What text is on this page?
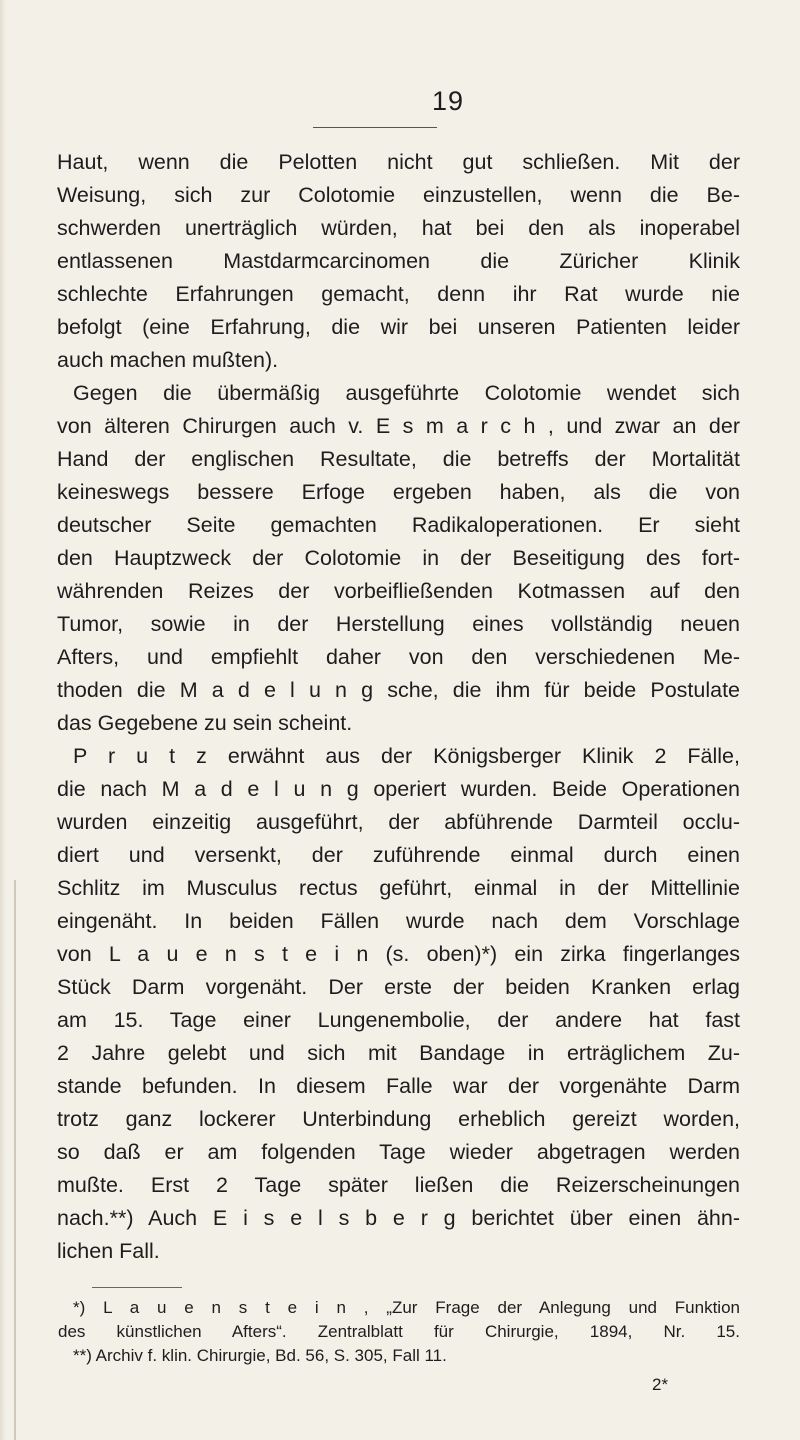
19
Haut, wenn die Pelotten nicht gut schließen. Mit der
Weisung, sich zur Colotomie einzustellen, wenn die Be-
schwerden unerträglich würden, hat bei den als inoperabel
entlassenen Mastdarmcarcinomen die Züricher Klinik
schlechte Erfahrungen gemacht, denn ihr Rat wurde nie
befolgt (eine Erfahrung, die wir bei unseren Patienten leider
auch machen mußten).
Gegen die übermäßig ausgeführte Colotomie wendet sich
von älteren Chirurgen auch v. E s m a r c h , und zwar an der
Hand der englischen Resultate, die betreffs der Mortalität
keineswegs bessere Erfoge ergeben haben, als die von
deutscher Seite gemachten Radikaloperationen. Er sieht
den Hauptzweck der Colotomie in der Beseitigung des fort-
währenden Reizes der vorbeifließenden Kotmassen auf den
Tumor, sowie in der Herstellung eines vollständig neuen
Afters, und empfiehlt daher von den verschiedenen Me-
thoden die M a d e l u n g sche, die ihm für beide Postulate
das Gegebene zu sein scheint.
P r u t z erwähnt aus der Königsberger Klinik 2 Fälle,
die nach M a d e l u n g operiert wurden. Beide Operationen
wurden einzeitig ausgeführt, der abführende Darmteil occlu-
diert und versenkt, der zuführende einmal durch einen
Schlitz im Musculus rectus geführt, einmal in der Mittellinie
eingenäht. In beiden Fällen wurde nach dem Vorschlage
von L a u e n s t e i n (s. oben)*) ein zirka fingerlanges
Stück Darm vorgenäht. Der erste der beiden Kranken erlag
am 15. Tage einer Lungenembolie, der andere hat fast
2 Jahre gelebt und sich mit Bandage in erträglichem Zu-
stande befunden. In diesem Falle war der vorgenähte Darm
trotz ganz lockerer Unterbindung erheblich gereizt worden,
so daß er am folgenden Tage wieder abgetragen werden
mußte. Erst 2 Tage später ließen die Reizerscheinungen
nach.**) Auch E i s e l s b e r g berichtet über einen ähn-
lichen Fall.
*) L a u e n s t e i n , „Zur Frage der Anlegung und Funktion
des künstlichen Afters“. Zentralblatt für Chirurgie, 1894, Nr. 15.
**) Archiv f. klin. Chirurgie, Bd. 56, S. 305, Fall 11.
2*
